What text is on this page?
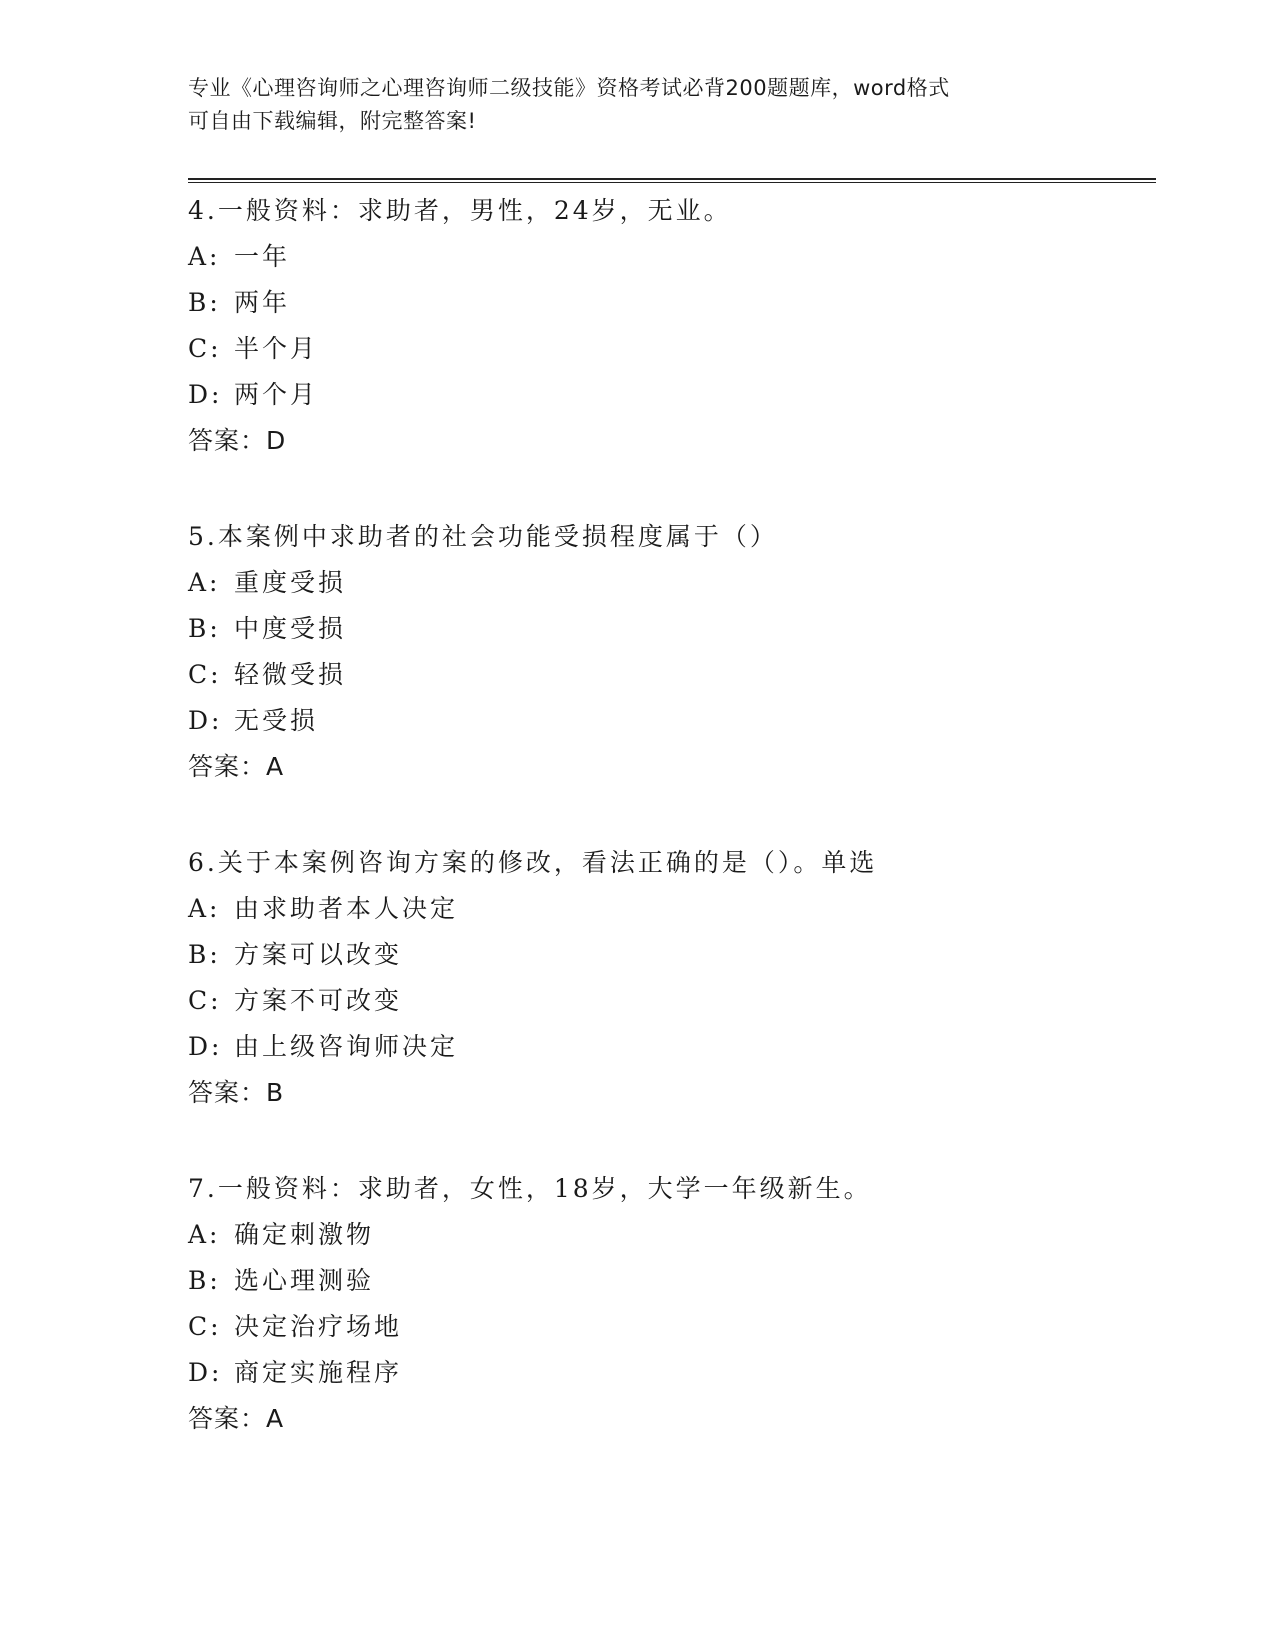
专业《心理咨询师之心理咨询师二级技能》资格考试必背200题题库，word格式
可自由下载编辑，附完整答案!
4.一般资料：求助者，男性，24岁，无业。
A: 一年
B: 两年
C: 半个月
D: 两个月
答案：D
5.本案例中求助者的社会功能受损程度属于（）
A: 重度受损
B: 中度受损
C: 轻微受损
D: 无受损
答案：A
6.关于本案例咨询方案的修改，看法正确的是（）。单选
A: 由求助者本人决定
B: 方案可以改变
C: 方案不可改变
D: 由上级咨询师决定
答案：B
7.一般资料：求助者，女性，18岁，大学一年级新生。
A: 确定刺激物
B: 选心理测验
C: 决定治疗场地
D: 商定实施程序
答案：A
